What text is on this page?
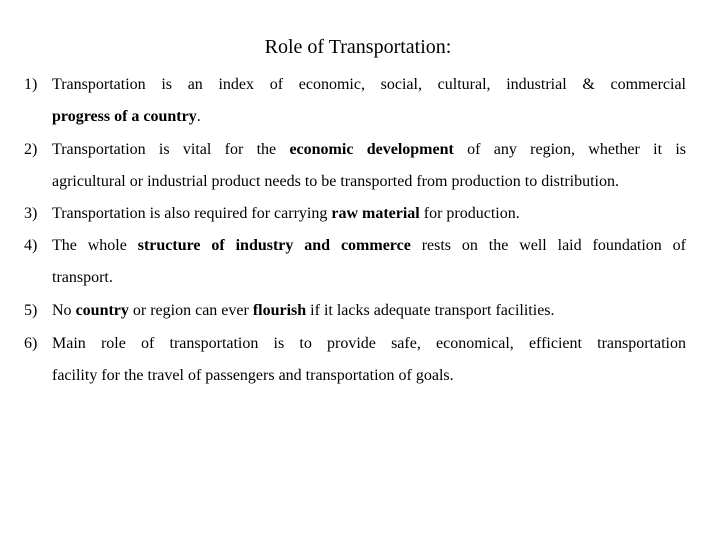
Role of Transportation:
1) Transportation is an index of economic, social, cultural, industrial & commercial
progress of a country.
2) Transportation is vital for the economic development of any region, whether it is
agricultural or industrial product needs to be transported from production to distribution.
3) Transportation is also required for carrying raw material for production.
4) The whole structure of industry and commerce rests on the well laid foundation of
transport.
5) No country or region can ever flourish if it lacks adequate transport facilities.
6) Main role of transportation is to provide safe, economical, efficient transportation
facility for the travel of passengers and transportation of goals.
